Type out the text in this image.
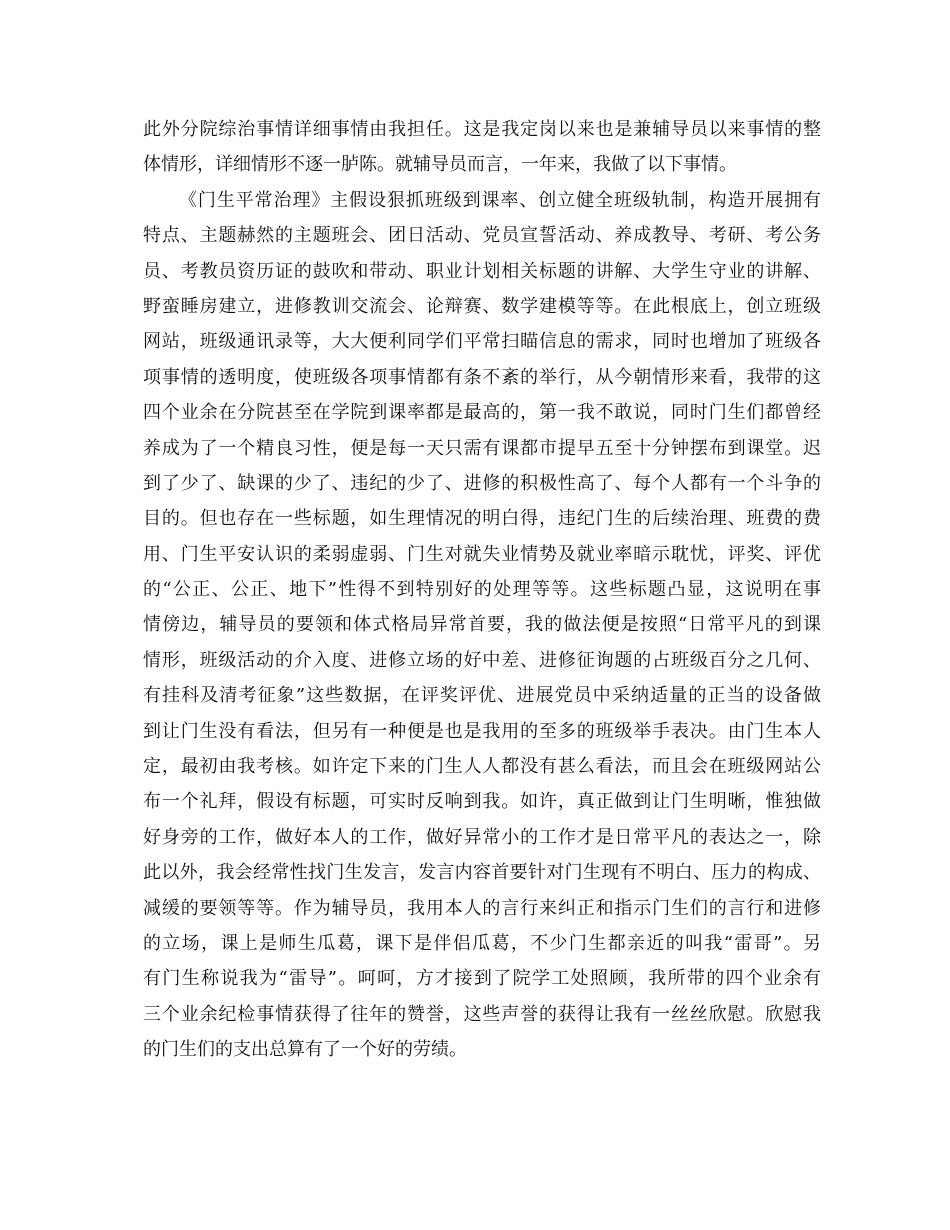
此外分院综治事情详细事情由我担任。这是我定岗以来也是兼辅导员以来事情的整
体情形，详细情形不逐一胪陈。就辅导员而言，一年来，我做了以下事情。
《门生平常治理》主假设狠抓班级到课率、创立健全班级轨制，构造开展拥有
特点、主题赫然的主题班会、团日活动、党员宣誓活动、养成教导、考研、考公务
员、考教员资历证的鼓吹和带动、职业计划相关标题的讲解、大学生守业的讲解、
野蛮睡房建立，进修教训交流会、论辩赛、数学建模等等。在此根底上，创立班级
网站，班级通讯录等，大大便利同学们平常扫瞄信息的需求，同时也增加了班级各
项事情的透明度，使班级各项事情都有条不紊的举行，从今朝情形来看，我带的这
四个业余在分院甚至在学院到课率都是最高的，第一我不敢说，同时门生们都曾经
养成为了一个精良习性，便是每一天只需有课都市提早五至十分钟摆布到课堂。迟
到了少了、缺课的少了、违纪的少了、进修的积极性高了、每个人都有一个斗争的
目的。但也存在一些标题，如生理情况的明白得，违纪门生的后续治理、班费的费
用、门生平安认识的柔弱虚弱、门生对就失业情势及就业率暗示耽忧，评奖、评优
的“公正、公正、地下”性得不到特别好的处理等等。这些标题凸显，这说明在事
情傍边，辅导员的要领和体式格局异常首要，我的做法便是按照“日常平凡的到课
情形，班级活动的介入度、进修立场的好中差、进修征询题的占班级百分之几何、
有挂科及清考征象”这些数据，在评奖评优、进展党员中采纳适量的正当的设备做
到让门生没有看法，但另有一种便是也是我用的至多的班级举手表决。由门生本人
定，最初由我考核。如许定下来的门生人人都没有甚么看法，而且会在班级网站公
布一个礼拜，假设有标题，可实时反响到我。如许，真正做到让门生明晰，惟独做
好身旁的工作，做好本人的工作，做好异常小的工作才是日常平凡的表达之一，除
此以外，我会经常性找门生发言，发言内容首要针对门生现有不明白、压力的构成、
减缓的要领等等。作为辅导员，我用本人的言行来纠正和指示门生们的言行和进修
的立场，课上是师生瓜葛，课下是伴侣瓜葛，不少门生都亲近的叫我“雷哥”。另
有门生称说我为“雷导”。呵呵，方才接到了院学工处照顾，我所带的四个业余有
三个业余纪检事情获得了往年的赞誉，这些声誉的获得让我有一丝丝欣慰。欣慰我
的门生们的支出总算有了一个好的劳绩。
